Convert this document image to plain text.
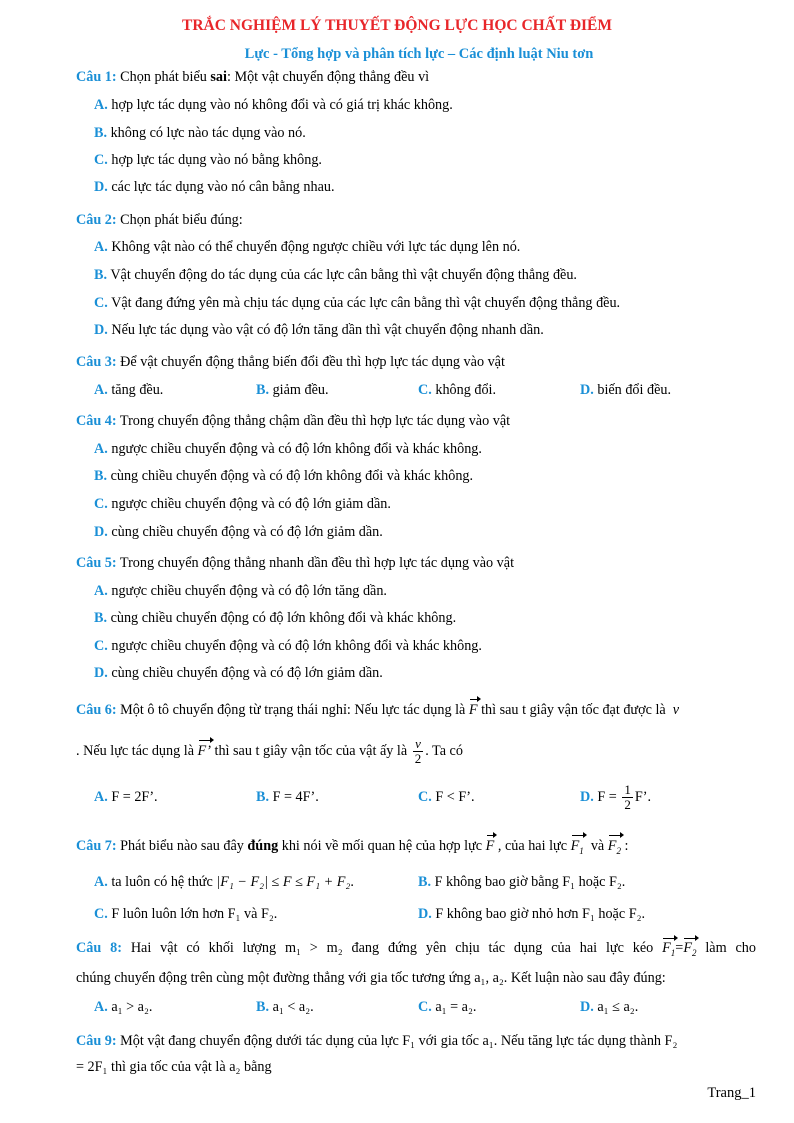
TRẮC NGHIỆM LÝ THUYẾT ĐỘNG LỰC HỌC CHẤT ĐIỂM
Lực - Tổng hợp và phân tích lực – Các định luật Niu tơn
Câu 1: Chọn phát biểu sai: Một vật chuyển động thẳng đều vì
A. hợp lực tác dụng vào nó không đổi và có giá trị khác không.
B. không có lực nào tác dụng vào nó.
C. hợp lực tác dụng vào nó bằng không.
D. các lực tác dụng vào nó cân bằng nhau.
Câu 2: Chọn phát biểu đúng:
A. Không vật nào có thể chuyển động ngược chiều với lực tác dụng lên nó.
B. Vật chuyển động do tác dụng của các lực cân bằng thì vật chuyển động thẳng đều.
C. Vật đang đứng yên mà chịu tác dụng của các lực cân bằng thì vật chuyển động thẳng đều.
D. Nếu lực tác dụng vào vật có độ lớn tăng dần thì vật chuyển động nhanh dần.
Câu 3: Để vật chuyển động thẳng biến đổi đều thì hợp lực tác dụng vào vật
A. tăng đều.	B. giảm đều.	C. không đổi.	D. biến đổi đều.
Câu 4: Trong chuyển động thẳng chậm dần đều thì hợp lực tác dụng vào vật
A. ngược chiều chuyển động và có độ lớn không đổi và khác không.
B. cùng chiều chuyển động và có độ lớn không đổi và khác không.
C. ngược chiều chuyển động và có độ lớn giảm dần.
D. cùng chiều chuyển động và có độ lớn giảm dần.
Câu 5: Trong chuyển động thẳng nhanh dần đều thì hợp lực tác dụng vào vật
A. ngược chiều chuyển động và có độ lớn tăng dần.
B. cùng chiều chuyển động có độ lớn không đổi và khác không.
C. ngược chiều chuyển động và có độ lớn không đổi và khác không.
D. cùng chiều chuyển động và có độ lớn giảm dần.
Câu 6: Một ô tô chuyển động từ trạng thái nghỉ: Nếu lực tác dụng là F thì sau t giây vận tốc đạt được là  v
. Nếu lực tác dụng là F’ thì sau t giây vận tốc của vật ấy là $\frac{v}{2}$ . Ta có
A. F = 2F’.	B. F = 4F’.	C. F < F’.	D. $F = \frac{1}{2} F$’.
Câu 7: Phát biểu nào sau đây đúng khi nói về mối quan hệ của hợp lực F , của hai lực $F_1$ và $F_2$ :
A. ta luôn có hệ thức |F₁ − F₂| ≤ F ≤ F₁ + F₂.	B. F không bao giờ bằng F₁ hoặc F₂.
C. F luôn luôn lớn hơn F₁ và F₂.	D. F không bao giờ nhỏ hơn F₁ hoặc F₂.
Câu 8: Hai vật có khối lượng m₁ > m₂ đang đứng yên chịu tác dụng của hai lực kéo $F_1=F_2$ làm cho
chúng chuyển động trên cùng một đường thẳng với gia tốc tương ứng a₁, a₂. Kết luận nào sau đây đúng:
A. a₁ > a₂.	B. a₁ < a₂.	C. a₁ = a₂.	D. a₁ ≤ a₂.
Câu 9: Một vật đang chuyển động dưới tác dụng của lực F₁ với gia tốc a₁. Nếu tăng lực tác dụng thành F₂
= 2F₁ thì gia tốc của vật là a₂ bằng
Trang_1
